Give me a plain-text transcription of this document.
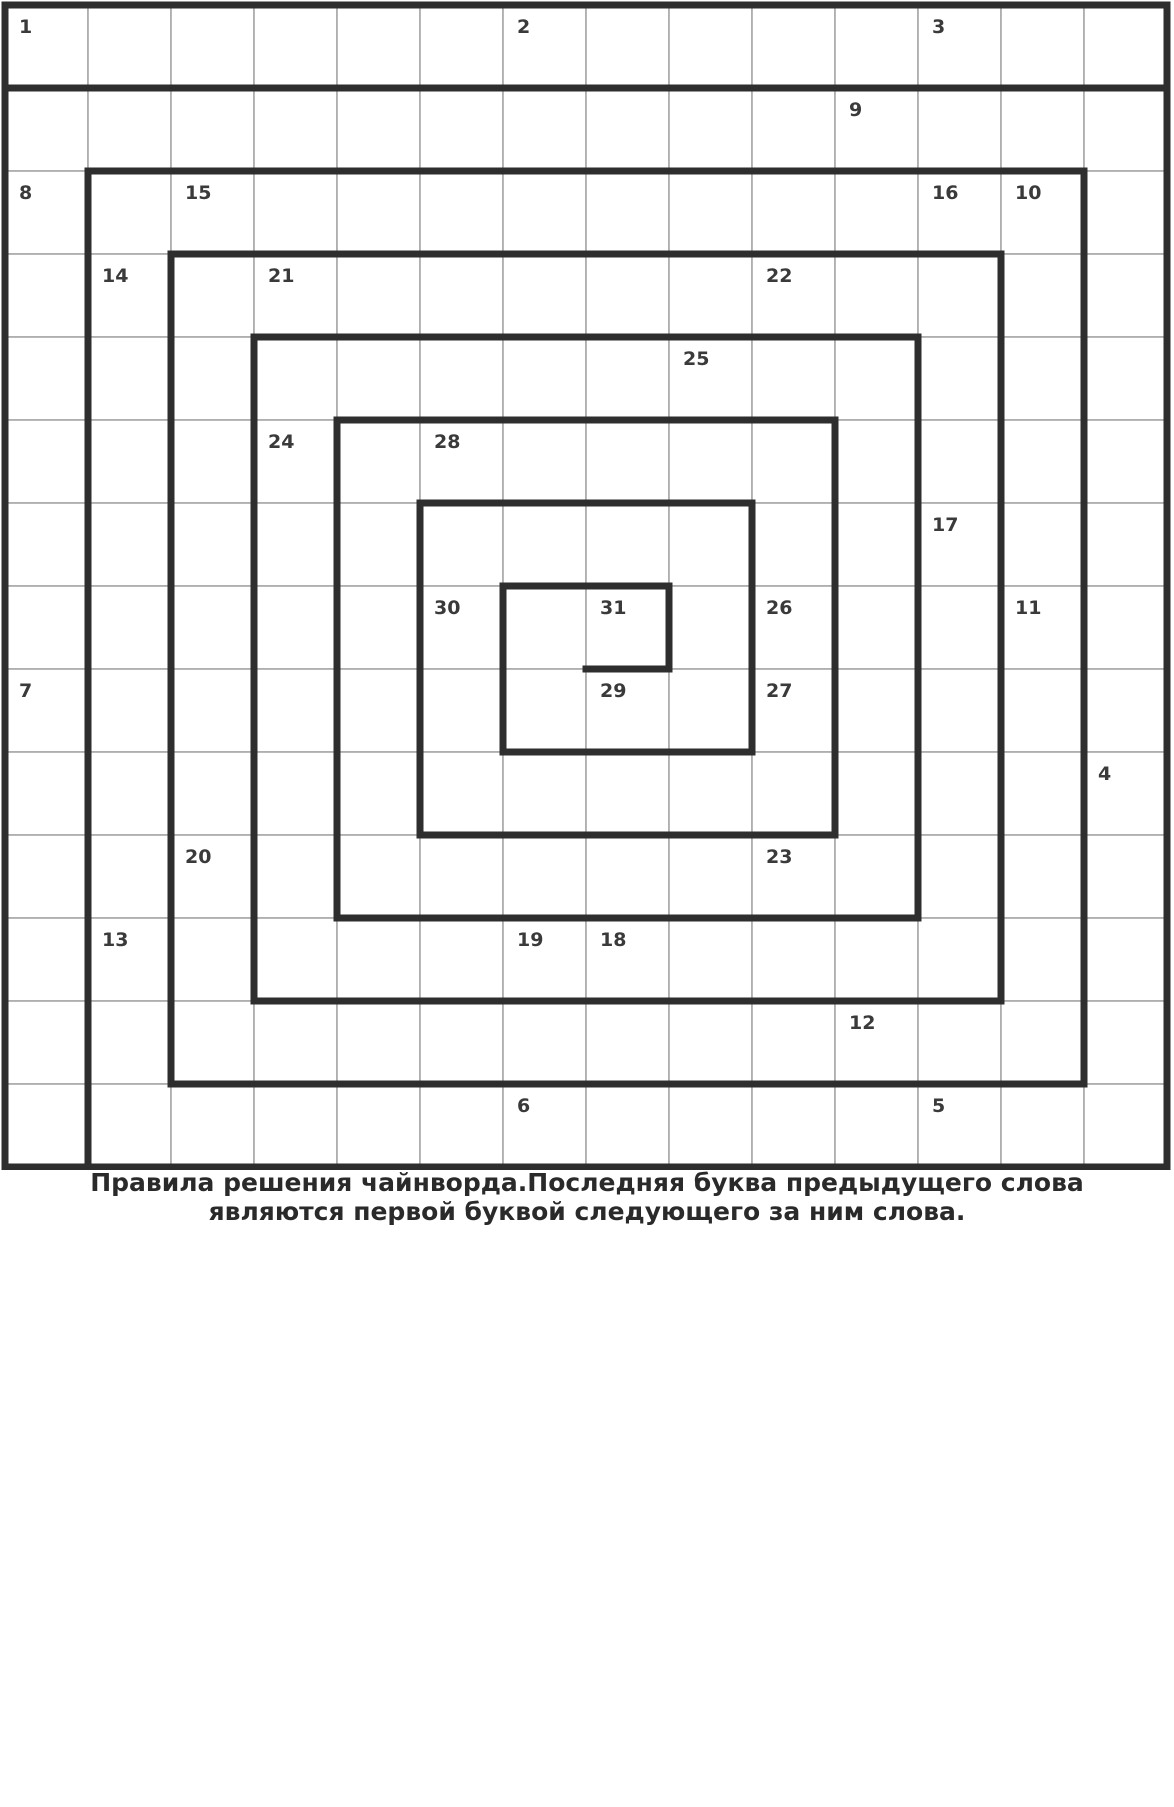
1	2	3
9
8	15	16	10
14	21	22
25
24	28
17
30	31	26	11
7	29	27
4
20	23
13	19	18
12
6	5
Правила решения чайнворда.Последняя буква предыдущего слова являются первой буквой следующего за ним слова.
